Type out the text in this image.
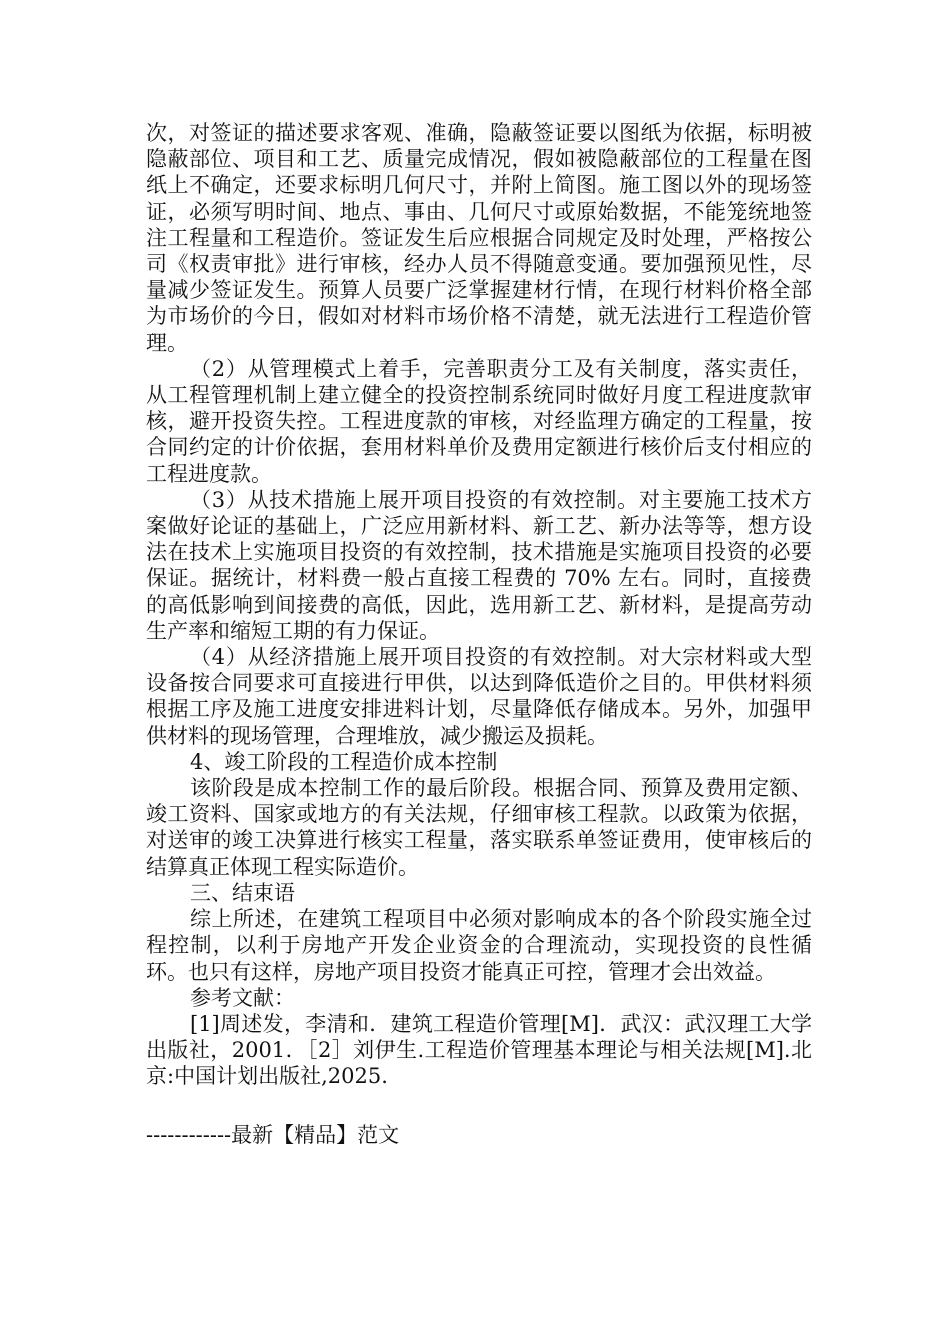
次，对签证的描述要求客观、准确，隐蔽签证要以图纸为依据，标明被隐蔽部位、项目和工艺、质量完成情况，假如被隐蔽部位的工程量在图纸上不确定，还要求标明几何尺寸，并附上简图。施工图以外的现场签证，必须写明时间、地点、事由、几何尺寸或原始数据，不能笼统地签注工程量和工程造价。签证发生后应根据合同规定及时处理，严格按公司《权责审批》进行审核，经办人员不得随意变通。要加强预见性，尽量减少签证发生。预算人员要广泛掌握建材行情，在现行材料价格全部为市场价的今日，假如对材料市场价格不清楚，就无法进行工程造价管理。

（2）从管理模式上着手，完善职责分工及有关制度，落实责任，从工程管理机制上建立健全的投资控制系统同时做好月度工程进度款审核，避开投资失控。工程进度款的审核，对经监理方确定的工程量，按合同约定的计价依据，套用材料单价及费用定额进行核价后支付相应的工程进度款。

（3）从技术措施上展开项目投资的有效控制。对主要施工技术方案做好论证的基础上，广泛应用新材料、新工艺、新办法等等，想方设法在技术上实施项目投资的有效控制，技术措施是实施项目投资的必要保证。据统计，材料费一般占直接工程费的 70% 左右。同时，直接费的高低影响到间接费的高低，因此，选用新工艺、新材料，是提高劳动生产率和缩短工期的有力保证。

（4）从经济措施上展开项目投资的有效控制。对大宗材料或大型设备按合同要求可直接进行甲供，以达到降低造价之目的。甲供材料须根据工序及施工进度安排进料计划，尽量降低存储成本。另外，加强甲供材料的现场管理，合理堆放，减少搬运及损耗。

4、竣工阶段的工程造价成本控制

该阶段是成本控制工作的最后阶段。根据合同、预算及费用定额、竣工资料、国家或地方的有关法规，仔细审核工程款。以政策为依据，对送审的竣工决算进行核实工程量，落实联系单签证费用，使审核后的结算真正体现工程实际造价。

三、结束语

综上所述，在建筑工程项目中必须对影响成本的各个阶段实施全过程控制，以利于房地产开发企业资金的合理流动，实现投资的良性循环。也只有这样，房地产项目投资才能真正可控，管理才会出效益。

参考文献：

[1]周述发，李清和．建筑工程造价管理[M]．武汉：武汉理工大学出版社，2001．［2］刘伊生.工程造价管理基本理论与相关法规[M].北京:中国计划出版社,2025.

------------最新【精品】范文
